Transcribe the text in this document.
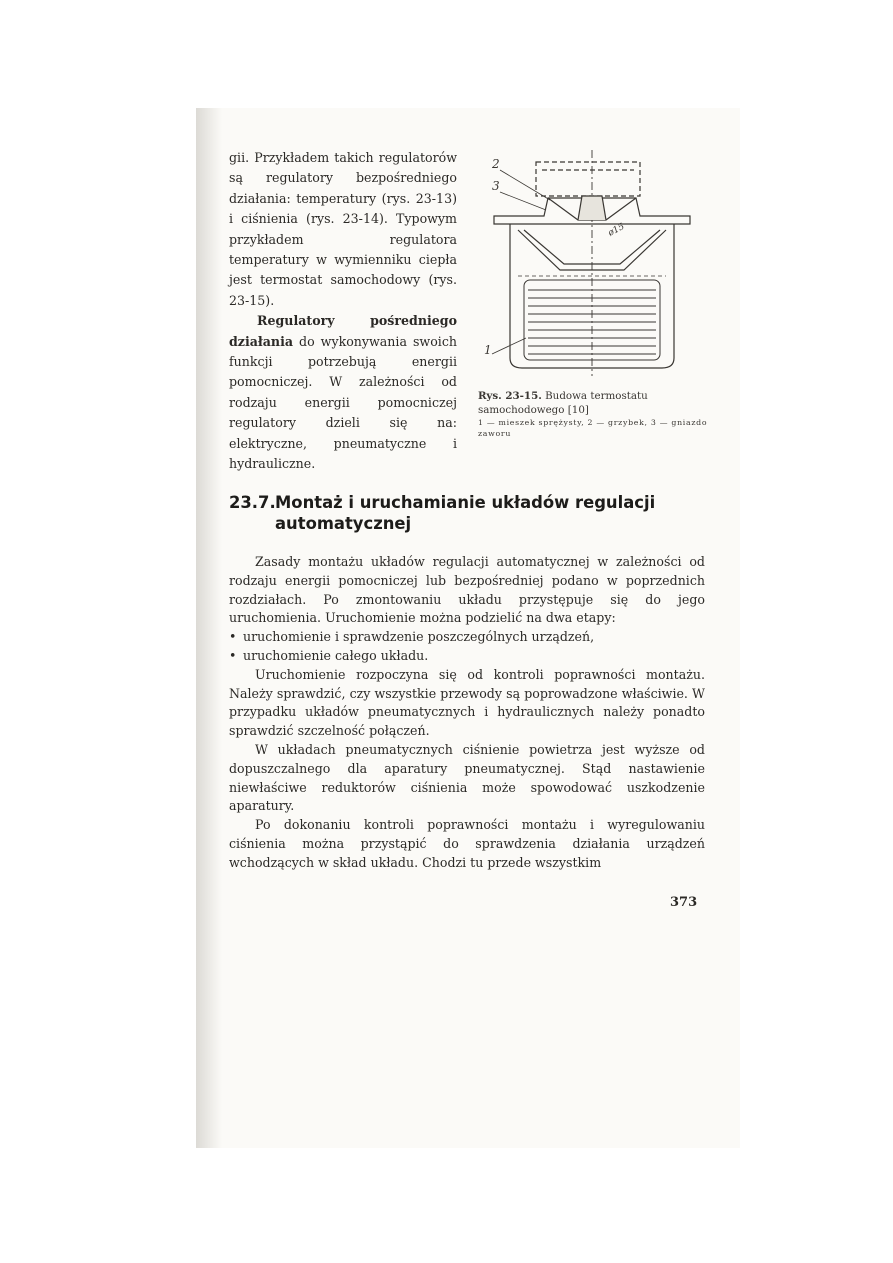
gii. Przykładem takich regulatorów są regulatory bezpośredniego działania: temperatury (rys. 23-13) i ciśnienia (rys. 23-14). Typowym przykładem regulatora temperatury w wymienniku ciepła jest termostat samochodowy (rys. 23-15).

Regulatory pośredniego działania do wykonywania swoich funkcji potrzebują energii pomocniczej. W zależności od rodzaju energii pomocniczej regulatory dzieli się na: elektryczne, pneumatyczne i hydrauliczne.

2
3
1
ø15
Rys. 23-15. Budowa termostatu samochodowego [10]
1 — mieszek sprężysty, 2 — grzybek, 3 — gniazdo zaworu
23.7.Montaż i uruchamianie układów regulacji
automatycznej

Zasady montażu układów regulacji automatycznej w zależności od rodzaju energii pomocniczej lub bezpośredniej podano w poprzednich rozdziałach. Po zmontowaniu układu przystępuje się do jego uruchomienia. Uruchomienie można podzielić na dwa etapy:

• uruchomienie i sprawdzenie poszczególnych urządzeń,
• uruchomienie całego układu.

Uruchomienie rozpoczyna się od kontroli poprawności montażu. Należy sprawdzić, czy wszystkie przewody są poprowadzone właściwie. W przypadku układów pneumatycznych i hydraulicznych należy ponadto sprawdzić szczelność połączeń.

W układach pneumatycznych ciśnienie powietrza jest wyższe od dopuszczalnego dla aparatury pneumatycznej. Stąd nastawienie niewłaściwe reduktorów ciśnienia może spowodować uszkodzenie aparatury.

Po dokonaniu kontroli poprawności montażu i wyregulowaniu ciśnienia można przystąpić do sprawdzenia działania urządzeń wchodzących w skład układu. Chodzi tu przede wszystkim

373
